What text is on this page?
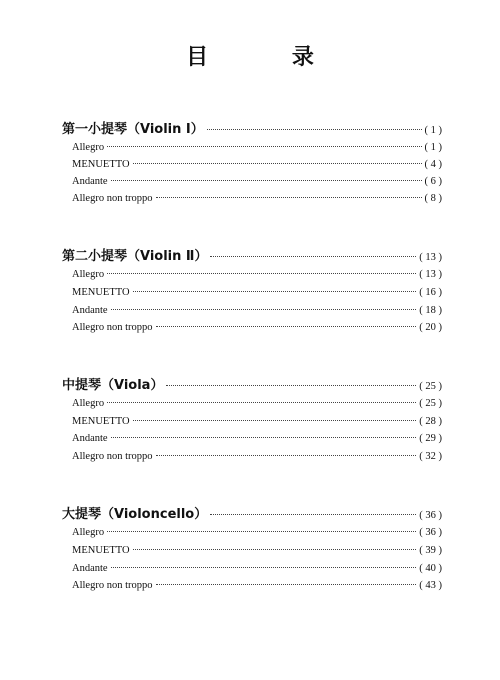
目 录
第一小提琴（Violin Ⅰ）	( 1 )
Allegro	( 1 )
MENUETTO	( 4 )
Andante	( 6 )
Allegro non troppo	( 8 )
第二小提琴（Violin Ⅱ）	( 13 )
Allegro	( 13 )
MENUETTO	( 16 )
Andante	( 18 )
Allegro non troppo	( 20 )
中提琴（Viola）	( 25 )
Allegro	( 25 )
MENUETTO	( 28 )
Andante	( 29 )
Allegro non troppo	( 32 )
大提琴（Violoncello）	( 36 )
Allegro	( 36 )
MENUETTO	( 39 )
Andante	( 40 )
Allegro non troppo	( 43 )
